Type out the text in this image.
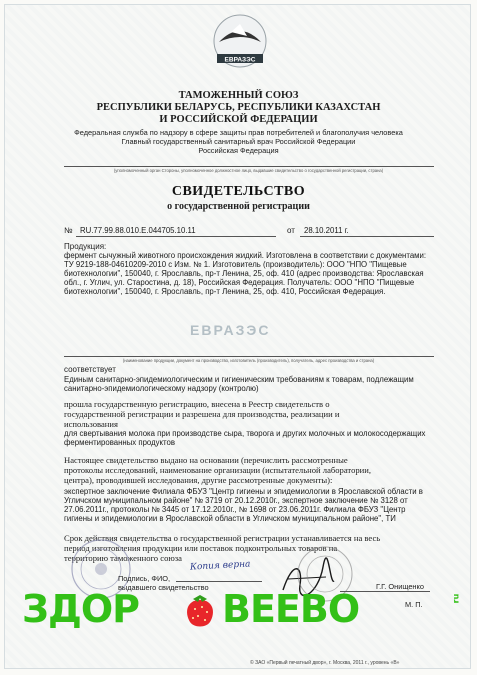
ЕВРАЗЭС
ТАМОЖЕННЫЙ СОЮЗ
РЕСПУБЛИКИ БЕЛАРУСЬ, РЕСПУБЛИКИ КАЗАХСТАН
И РОССИЙСКОЙ ФЕДЕРАЦИИ
Федеральная служба по надзору в сфере защиты прав потребителей и благополучия человека
Главный государственный санитарный врач Российской Федерации
Российская Федерация
(уполномоченный орган Стороны, уполномоченное должностное лицо, выдавшие свидетельство о государственной регистрации, страна)
СВИДЕТЕЛЬСТВО
о государственной регистрации
№ RU.77.99.88.010.Е.044705.10.11	от 28.10.2011 г.
Продукция:
фермент сычужный животного происхождения жидкий. Изготовлена в соответствии с документами:
ТУ 9219-188-04610209-2010 с Изм. № 1. Изготовитель (производитель): ООО "НПО "Пищевые
биотехнологии", 150040, г. Ярославль, пр-т Ленина, 25, оф. 410 (адрес производства: Ярославская
обл., г. Углич, ул. Старостина, д. 18), Российская Федерация. Получатель: ООО "НПО "Пищевые
биотехнологии", 150040, г. Ярославль, пр-т Ленина, 25, оф. 410, Российская Федерация.
(наименование продукции, документ на производство, изготовитель (производитель), получатель, адрес производства и страна)
ЕВРАЗЭС
соответствует
Единым санитарно-эпидемиологическим и гигиеническим требованиям к товарам, подлежащим
санитарно-эпидемиологическому надзору (контролю)
прошла государственную регистрацию, внесена в Реестр свидетельств о
государственной регистрации и разрешена для производства, реализации и
использования
для свертывания молока при производстве сыра, творога и других молочных и молокосодержащих
ферментированных продуктов
Настоящее свидетельство выдано на основании (перечислить рассмотренные
протоколы исследований, наименование организации (испытательной лаборатории,
центра), проводившей исследования, другие рассмотренные документы):
экспертное заключение Филиала ФБУЗ "Центр гигиены и эпидемиологии в Ярославской области в
Угличском муниципальном районе" № 3719 от 20.12.2010г., экспертное заключение № 3128 от
27.06.2011г., протоколы № 3445 от 17.12.2010г., № 1698 от 23.06.2011г. Филиала ФБУЗ "Центр
гигиены и эпидемиологии в Ярославской области в Угличском муниципальном районе", ТИ
Срок действия свидетельства о государственной регистрации устанавливается на весь
период изготовления продукции или поставок подконтрольных товаров на
территорию таможенного союза
Копия верна
Подпись, ФИО,
выдавшего свидетельство	Г.Г. Онищенко
М. П.
ЗДОР ВЕЕВО	ru
© ЗАО «Первый печатный двор», г. Москва, 2011 г., уровень «В»
